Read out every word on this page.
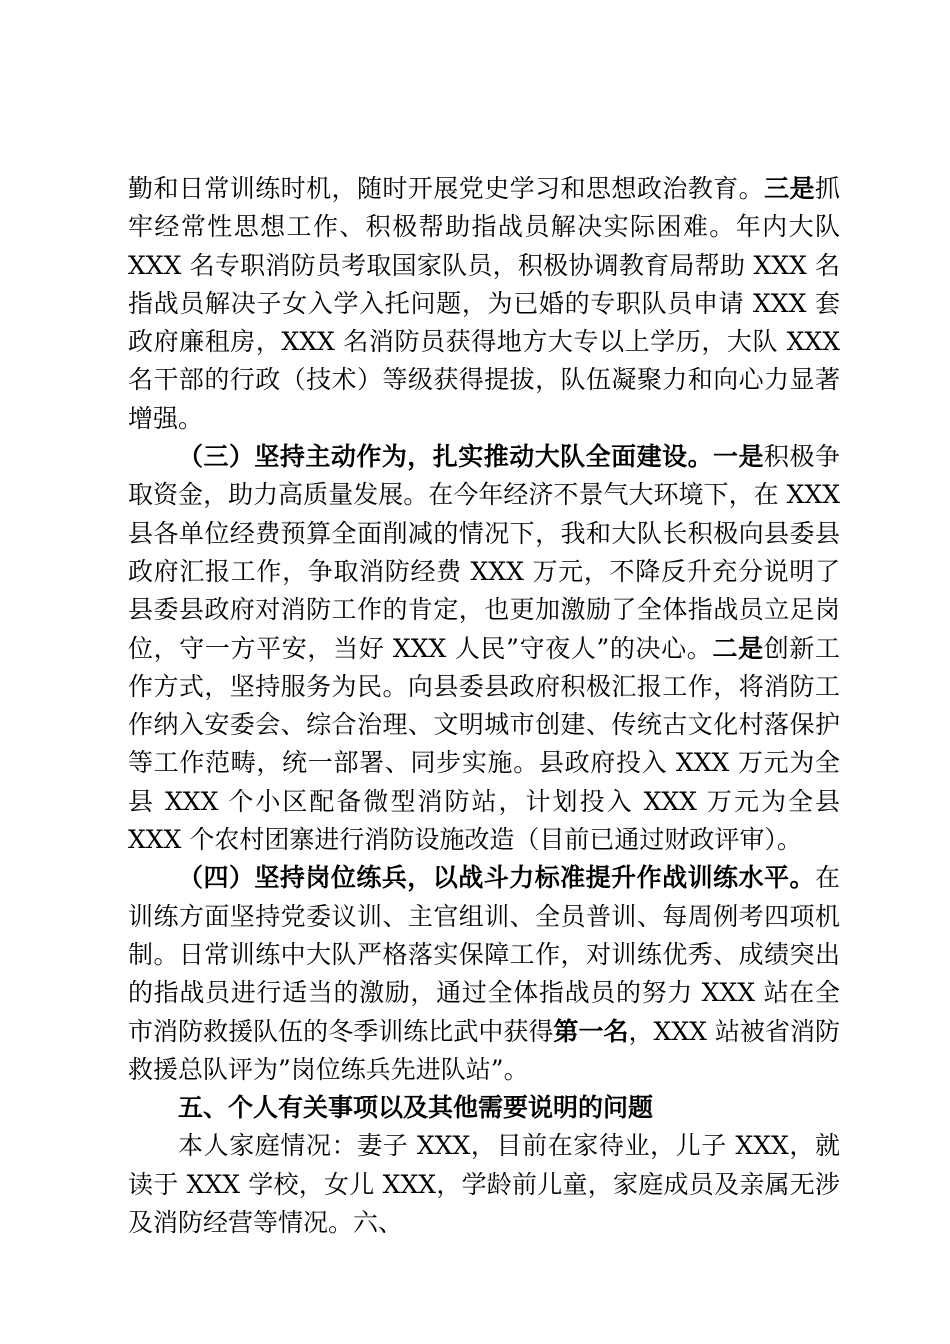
勤和日常训练时机，随时开展党史学习和思想政治教育。三是抓牢经常性思想工作、积极帮助指战员解决实际困难。年内大队 XXX 名专职消防员考取国家队员，积极协调教育局帮助 XXX 名指战员解决子女入学入托问题，为已婚的专职队员申请 XXX 套政府廉租房，XXX 名消防员获得地方大专以上学历，大队 XXX 名干部的行政（技术）等级获得提拔，队伍凝聚力和向心力显著增强。

（三）坚持主动作为，扎实推动大队全面建设。一是积极争取资金，助力高质量发展。在今年经济不景气大环境下，在 XXX 县各单位经费预算全面削减的情况下，我和大队长积极向县委县政府汇报工作，争取消防经费 XXX 万元，不降反升充分说明了县委县政府对消防工作的肯定，也更加激励了全体指战员立足岗位，守一方平安，当好 XXX 人民”守夜人”的决心。二是创新工作方式，坚持服务为民。向县委县政府积极汇报工作，将消防工作纳入安委会、综合治理、文明城市创建、传统古文化村落保护等工作范畴，统一部署、同步实施。县政府投入 XXX 万元为全县 XXX 个小区配备微型消防站，计划投入 XXX 万元为全县 XXX 个农村团寨进行消防设施改造（目前已通过财政评审）。

（四）坚持岗位练兵，以战斗力标准提升作战训练水平。在训练方面坚持党委议训、主官组训、全员普训、每周例考四项机制。日常训练中大队严格落实保障工作，对训练优秀、成绩突出的指战员进行适当的激励，通过全体指战员的努力 XXX 站在全市消防救援队伍的冬季训练比武中获得第一名，XXX 站被省消防救援总队评为”岗位练兵先进队站”。

五、个人有关事项以及其他需要说明的问题

本人家庭情况：妻子 XXX，目前在家待业，儿子 XXX，就读于 XXX 学校，女儿 XXX，学龄前儿童，家庭成员及亲属无涉及消防经营等情况。六、
